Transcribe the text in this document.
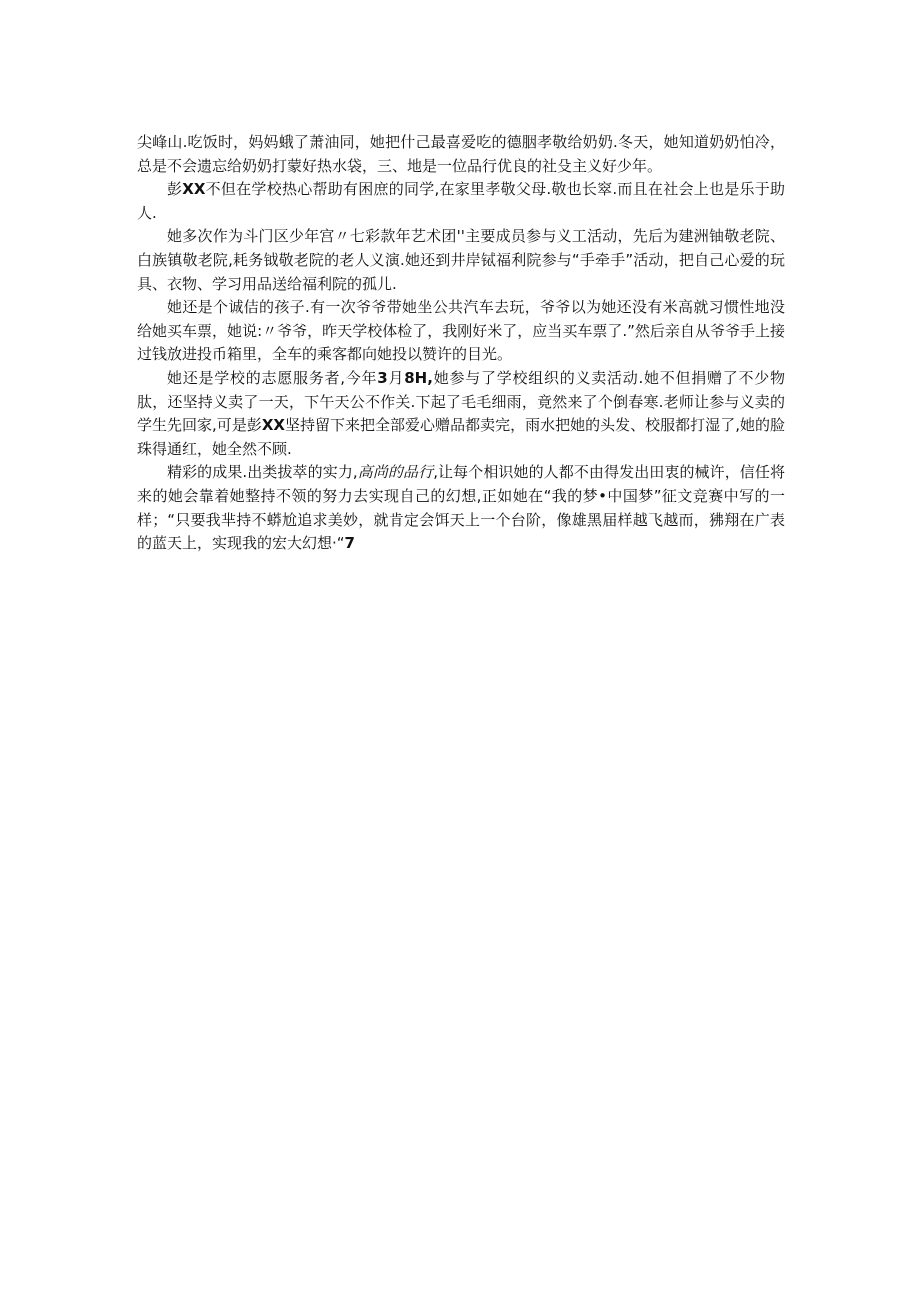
尖峰山.吃饭时，妈妈蛾了萧油同，她把什己最喜爱吃的德胭孝敬给奶奶.冬天，她知道奶奶怕冷，总是不会遗忘给奶奶打蒙好热水袋，三、地是一位品行优良的社殳主义好少年。

彭XX不但在学校热心帮助有困庶的同学,在家里孝敬父母.敬也长窣.而且在社会上也是乐于助人.

她多次作为斗门区少年宫〃七彩款年艺术团''主要成员参与义工活动，先后为建洲铀敬老院、白族镇敬老院,耗务钺敬老院的老人义演.她还到井岸铽福利院参与“手牵手”活动，把自己心爱的玩具、衣物、学习用品送给福利院的孤儿.

她还是个诚佶的孩子.有一次爷爷带她坐公共汽车去玩，爷爷以为她还没有米高就习惯性地没给她买车票，她说:〃爷爷，昨天学校体检了，我刚好米了，应当买车票了.”然后亲自从爷爷手上接过钱放进投币箱里，全车的乘客都向她投以赞许的目光。

她还是学校的志愿服务者,今年3月8H,她参与了学校组织的义卖活动.她不但捐赠了不少物肽，还坚持义卖了一天，下午天公不作关.下起了毛毛细雨，竟然来了个倒春寒.老师让参与义卖的学生先回家,可是彭XX坚持留下来把全部爱心赠品都卖完，雨水把她的头发、校服都打湿了,她的脸珠得通红，她全然不顾.

精彩的成果.出类拔萃的实力,高尚的品行,让每个相识她的人都不由得发出田衷的械许，信任将来的她会靠着她整持不领的努力去实现自己的幻想,正如她在“我的梦•中国梦”征文竞赛中写的一样；“只要我芈持不蟒尬追求美妙，就肯定会饵天上一个台阶，像雄黑届样越飞越而，狒翔在广表的蓝天上，实现我的宏大幻想·“7
